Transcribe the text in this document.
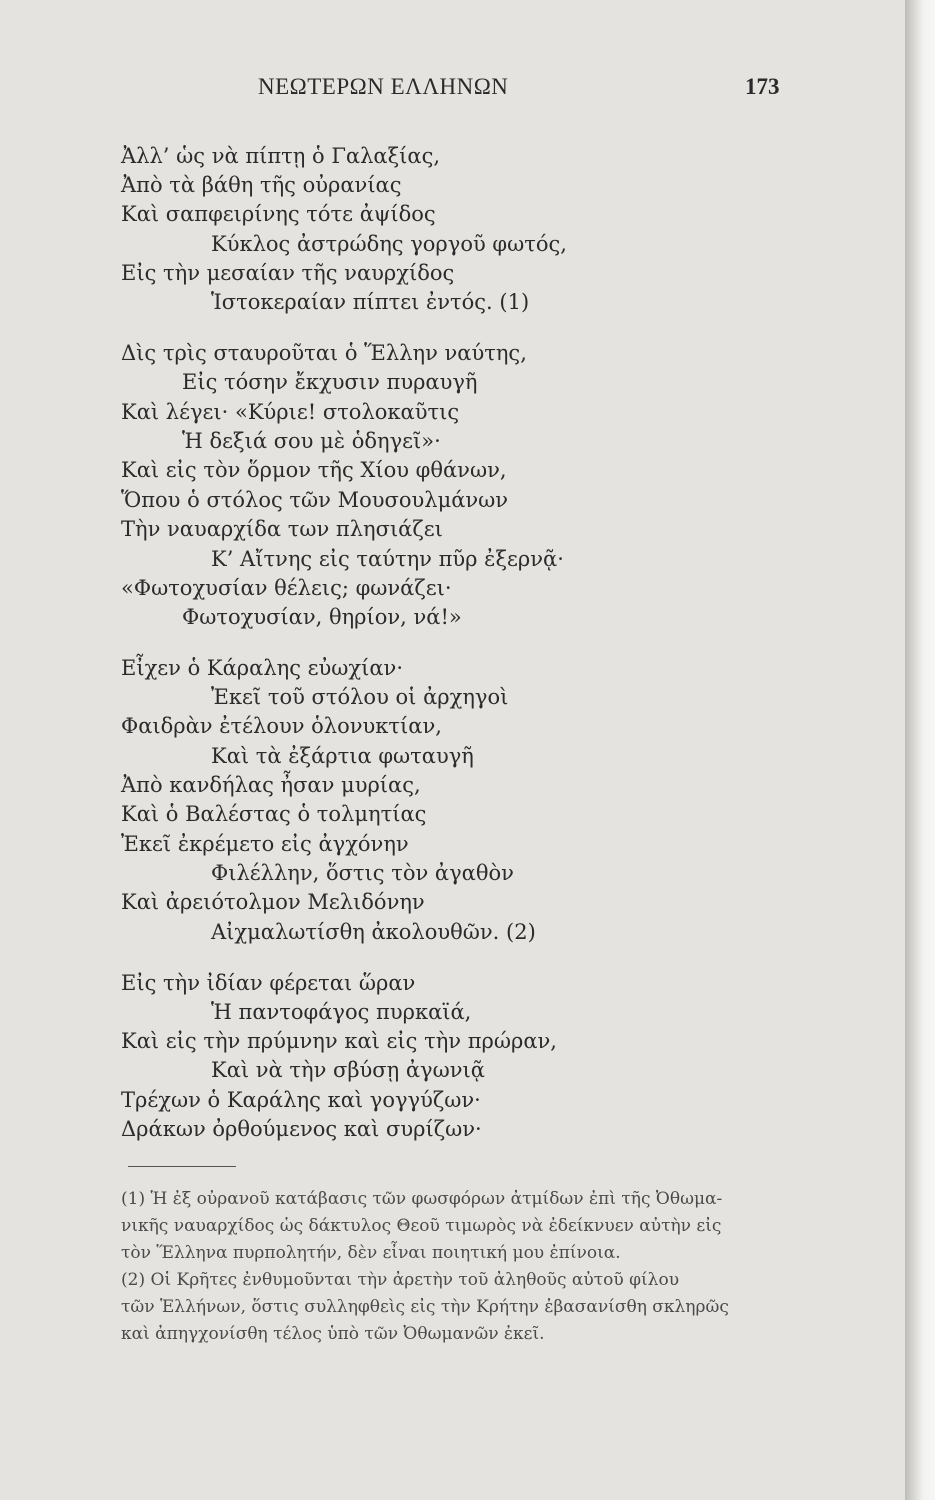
ΝΕΩΤΕΡΩΝ ΕΛΛΗΝΩΝ	173
Ἀλλ’ ὡς νὰ πίπτῃ ὁ Γαλαξίας,
Ἀπὸ τὰ βάθη τῆς οὐρανίας
Καὶ σαπφειρίνης τότε ἀψίδος
Κύκλος ἀστρώδης γοργοῦ φωτός,
Εἰς τὴν μεσαίαν τῆς ναυρχίδος
Ἱστοκεραίαν πίπτει ἐντός. (1)
Δὶς τρὶς σταυροῦται ὁ Ἕλλην ναύτης,
Εἰς τόσην ἔκχυσιν πυραυγῆ
Καὶ λέγει· «Κύριε! στολοκαῦτις
Ἡ δεξιά σου μὲ ὁδηγεῖ»·
Καὶ εἰς τὸν ὅρμον τῆς Χίου φθάνων,
Ὅπου ὁ στόλος τῶν Μουσουλμάνων
Τὴν ναυαρχίδα των πλησιάζει
Κ’ Αἴτνης εἰς ταύτην πῦρ ἐξερνᾷ·
«Φωτοχυσίαν θέλεις; φωνάζει·
Φωτοχυσίαν, θηρίον, νά!»
Εἶχεν ὁ Κάραλης εὐωχίαν·
Ἐκεῖ τοῦ στόλου οἱ ἀρχηγοὶ
Φαιδρὰν ἐτέλουν ὁλονυκτίαν,
Καὶ τὰ ἐξάρτια φωταυγῆ
Ἀπὸ κανδήλας ἦσαν μυρίας,
Καὶ ὁ Βαλέστας ὁ τολμητίας
Ἐκεῖ ἐκρέμετο εἰς ἀγχόνην
Φιλέλλην, ὅστις τὸν ἀγαθὸν
Καὶ ἀρειότολμον Μελιδόνην
Αἰχμαλωτίσθη ἀκολουθῶν. (2)
Εἰς τὴν ἰδίαν φέρεται ὥραν
Ἡ παντοφάγος πυρκαϊά,
Καὶ εἰς τὴν πρύμνην καὶ εἰς τὴν πρώραν,
Καὶ νὰ τὴν σβύσῃ ἀγωνιᾷ
Τρέχων ὁ Καράλης καὶ γογγύζων·
Δράκων ὀρθούμενος καὶ συρίζων·
(1) Ἡ ἐξ οὐρανοῦ κατάβασις τῶν φωσφόρων ἀτμίδων ἐπὶ τῆς Ὀθωμα-
νικῆς ναυαρχίδος ὡς δάκτυλος Θεοῦ τιμωρὸς νὰ ἐδείκνυεν αὐτὴν εἰς
τὸν Ἕλληνα πυρπολητήν, δὲν εἶναι ποιητική μου ἐπίνοια.
(2) Οἱ Κρῆτες ἐνθυμοῦνται τὴν ἀρετὴν τοῦ ἀληθοῦς αὐτοῦ φίλου
τῶν Ἑλλήνων, ὅστις συλληφθεὶς εἰς τὴν Κρήτην ἐβασανίσθη σκληρῶς
καὶ ἀπηγχονίσθη τέλος ὑπὸ τῶν Ὀθωμανῶν ἐκεῖ.
